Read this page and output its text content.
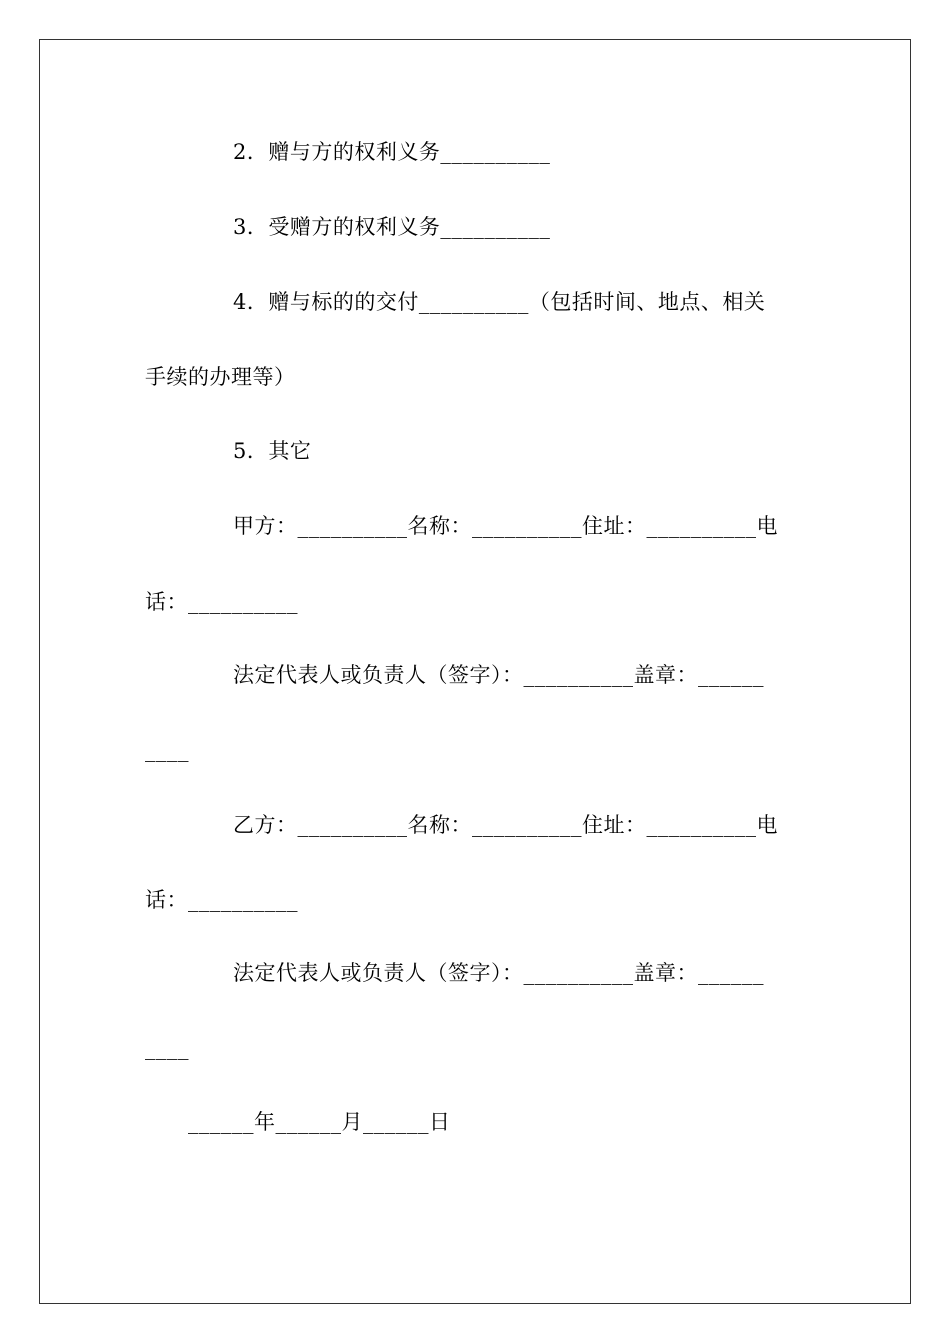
2．赠与方的权利义务__________
3．受赠方的权利义务__________
4．赠与标的的交付__________（包括时间、地点、相关
手续的办理等）
5．其它
甲方：__________名称：__________住址：__________电
话：__________
法定代表人或负责人（签字）：__________盖章：______
____
乙方：__________名称：__________住址：__________电
话：__________
法定代表人或负责人（签字）：__________盖章：______
____
______年______月______日
